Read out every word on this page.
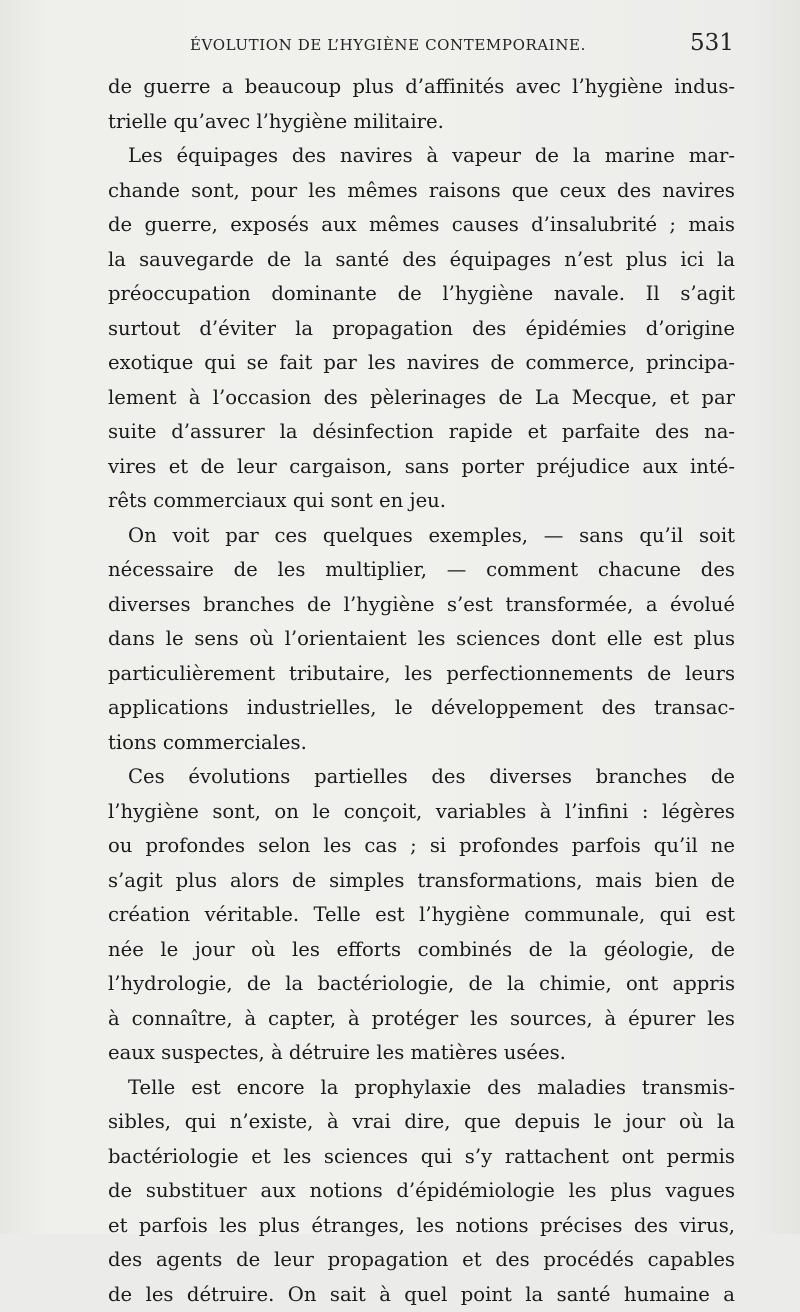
ÉVOLUTION DE L’HYGIÈNE CONTEMPORAINE.	531
de guerre a beaucoup plus d’affinités avec l’hygiène indus-
trielle qu’avec l’hygiène militaire.
Les équipages des navires à vapeur de la marine mar-
chande sont, pour les mêmes raisons que ceux des navires
de guerre, exposés aux mêmes causes d’insalubrité ; mais
la sauvegarde de la santé des équipages n’est plus ici la
préoccupation dominante de l’hygiène navale. Il s’agit
surtout d’éviter la propagation des épidémies d’origine
exotique qui se fait par les navires de commerce, principa-
lement à l’occasion des pèlerinages de La Mecque, et par
suite d’assurer la désinfection rapide et parfaite des na-
vires et de leur cargaison, sans porter préjudice aux inté-
rêts commerciaux qui sont en jeu.
On voit par ces quelques exemples, — sans qu’il soit
nécessaire de les multiplier, — comment chacune des
diverses branches de l’hygiène s’est transformée, a évolué
dans le sens où l’orientaient les sciences dont elle est plus
particulièrement tributaire, les perfectionnements de leurs
applications industrielles, le développement des transac-
tions commerciales.
Ces évolutions partielles des diverses branches de
l’hygiène sont, on le conçoit, variables à l’infini : légères
ou profondes selon les cas ; si profondes parfois qu’il ne
s’agit plus alors de simples transformations, mais bien de
création véritable. Telle est l’hygiène communale, qui est
née le jour où les efforts combinés de la géologie, de
l’hydrologie, de la bactériologie, de la chimie, ont appris
à connaître, à capter, à protéger les sources, à épurer les
eaux suspectes, à détruire les matières usées.
Telle est encore la prophylaxie des maladies transmis-
sibles, qui n’existe, à vrai dire, que depuis le jour où la
bactériologie et les sciences qui s’y rattachent ont permis
de substituer aux notions d’épidémiologie les plus vagues
et parfois les plus étranges, les notions précises des virus,
des agents de leur propagation et des procédés capables
de les détruire. On sait à quel point la santé humaine a
